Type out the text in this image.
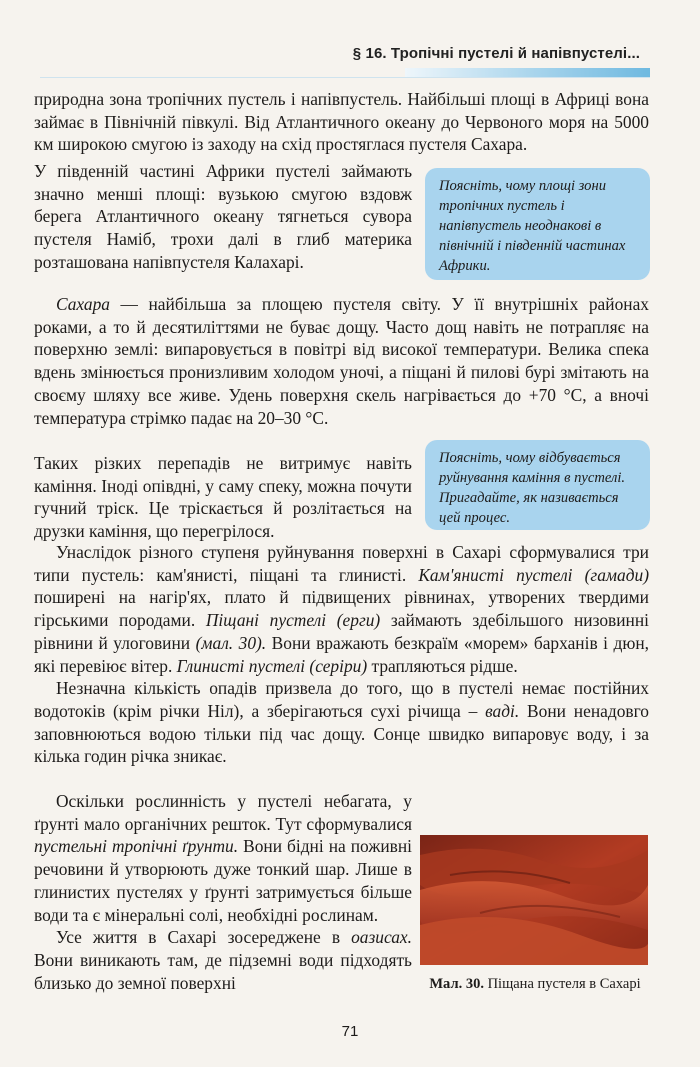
§ 16. Тропічні пустелі й напівпустелі...

природна зона тропічних пустель і напівпустель. Найбільші площі в Африці вона займає в Північній півкулі. Від Атлантичного океану до Червоного моря на 5000 км широкою смугою із заходу на схід простяглася пустеля Сахара.

У південній частині Африки пустелі займають значно менші площі: вузькою смугою вздовж берега Атлантичного океану тягнеться сувора пустеля Наміб, трохи далі в глиб материка розташована напівпустеля Калахарі.

Поясніть, чому площі зони тропічних пустель і напівпустель неоднакові в північній і південній частинах Африки.

Сахара — найбільша за площею пустеля світу. У її внутрішніх районах роками, а то й десятиліттями не буває дощу. Часто дощ навіть не потрапляє на поверхню землі: випаровується в повітрі від високої температури. Велика спека вдень змінюється пронизливим холодом уночі, а піщані й пилові бурі змітають на своєму шляху все живе. Удень поверхня скель нагрівається до +70 °С, а вночі температура стрімко падає на 20–30 °С.

Таких різких перепадів не витримує навіть каміння. Іноді опівдні, у саму спеку, можна почути гучний тріск. Це тріскається й розлітається на друзки каміння, що перегрілося.

Поясніть, чому відбувається руйнування каміння в пустелі. Пригадайте, як називається цей процес.

Унаслідок різного ступеня руйнування поверхні в Сахарі сформувалися три типи пустель: кам'янисті, піщані та глинисті. Кам'янисті пустелі (гамади) поширені на нагір'ях, плато й підвищених рівнинах, утворених твердими гірськими породами. Піщані пустелі (ерги) займають здебільшого низовинні рівнини й улоговини (мал. 30). Вони вражають безкраїм «морем» барханів і дюн, які перевіює вітер. Глинисті пустелі (серіри) трапляються рідше.

Незначна кількість опадів призвела до того, що в пустелі немає постійних водотоків (крім річки Ніл), а зберігаються сухі річища – ваді. Вони ненадовго заповнюються водою тільки під час дощу. Сонце швидко випаровує воду, і за кілька годин річка зникає.

Оскільки рослинність у пустелі небагата, у ґрунті мало органічних решток. Тут сформувалися пустельні тропічні ґрунти. Вони бідні на поживні речовини й утворюють дуже тонкий шар. Лише в глинистих пустелях у ґрунті затримується більше води та є мінеральні солі, необхідні рослинам.

Усе життя в Сахарі зосереджене в оазисах. Вони виникають там, де підземні води підходять близько до земної поверхні	Мал. 30. Піщана пустеля в Сахарі
71
